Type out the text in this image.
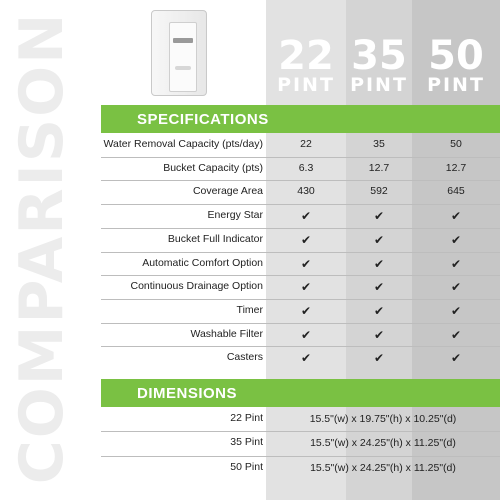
COMPARISON	22
PINT
35
PINT
50
PINT
SPECIFICATIONS
Water Removal Capacity (pts/day)	22	35	50
Bucket Capacity (pts)	6.3	12.7	12.7
Coverage Area	430	592	645
Energy Star	✔	✔	✔
Bucket Full Indicator	✔	✔	✔
Automatic Comfort Option	✔	✔	✔
Continuous Drainage Option	✔	✔	✔
Timer	✔	✔	✔
Washable Filter	✔	✔	✔
Casters	✔	✔	✔
DIMENSIONS
22 Pint	15.5"(w) x 19.75"(h) x 10.25"(d)
35 Pint	15.5"(w) x 24.25"(h) x 11.25"(d)
50 Pint	15.5"(w) x 24.25"(h) x 11.25"(d)
